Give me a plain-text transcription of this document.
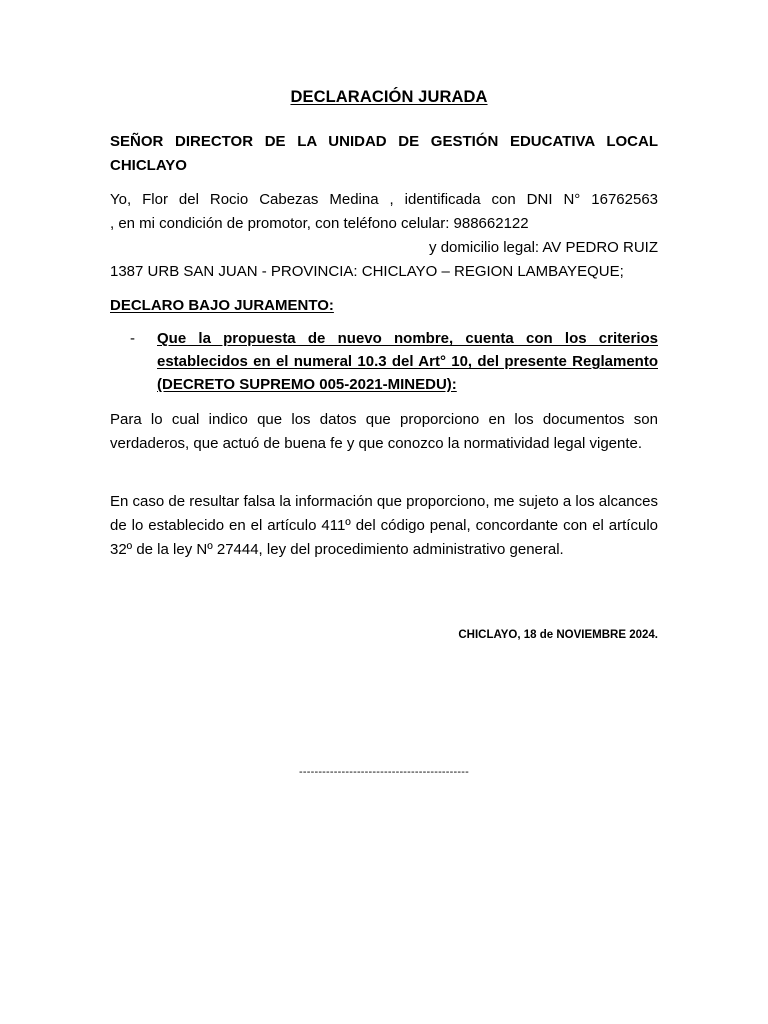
DECLARACIÓN JURADA
SEÑOR DIRECTOR DE LA UNIDAD DE GESTIÓN EDUCATIVA LOCAL CHICLAYO
Yo, Flor del Rocio Cabezas Medina , identificada con DNI N° 16762563
, en mi condición de promotor, con teléfono celular: 988662122
y domicilio legal: AV PEDRO RUIZ
1387 URB SAN JUAN - PROVINCIA: CHICLAYO – REGION LAMBAYEQUE;
DECLARO BAJO JURAMENTO:
- Que la propuesta de nuevo nombre, cuenta con los criterios establecidos en el numeral 10.3 del Art° 10, del presente Reglamento (DECRETO SUPREMO 005-2021-MINEDU):
Para lo cual indico que los datos que proporciono en los documentos son verdaderos, que actuó de buena fe y que conozco la normatividad legal vigente.
En caso de resultar falsa la información que proporciono, me sujeto a los alcances de lo establecido en el artículo 411º del código penal, concordante con el artículo 32º de la ley Nº 27444, ley del procedimiento administrativo general.
CHICLAYO, 18 de NOVIEMBRE 2024.
--------------------------------------------
